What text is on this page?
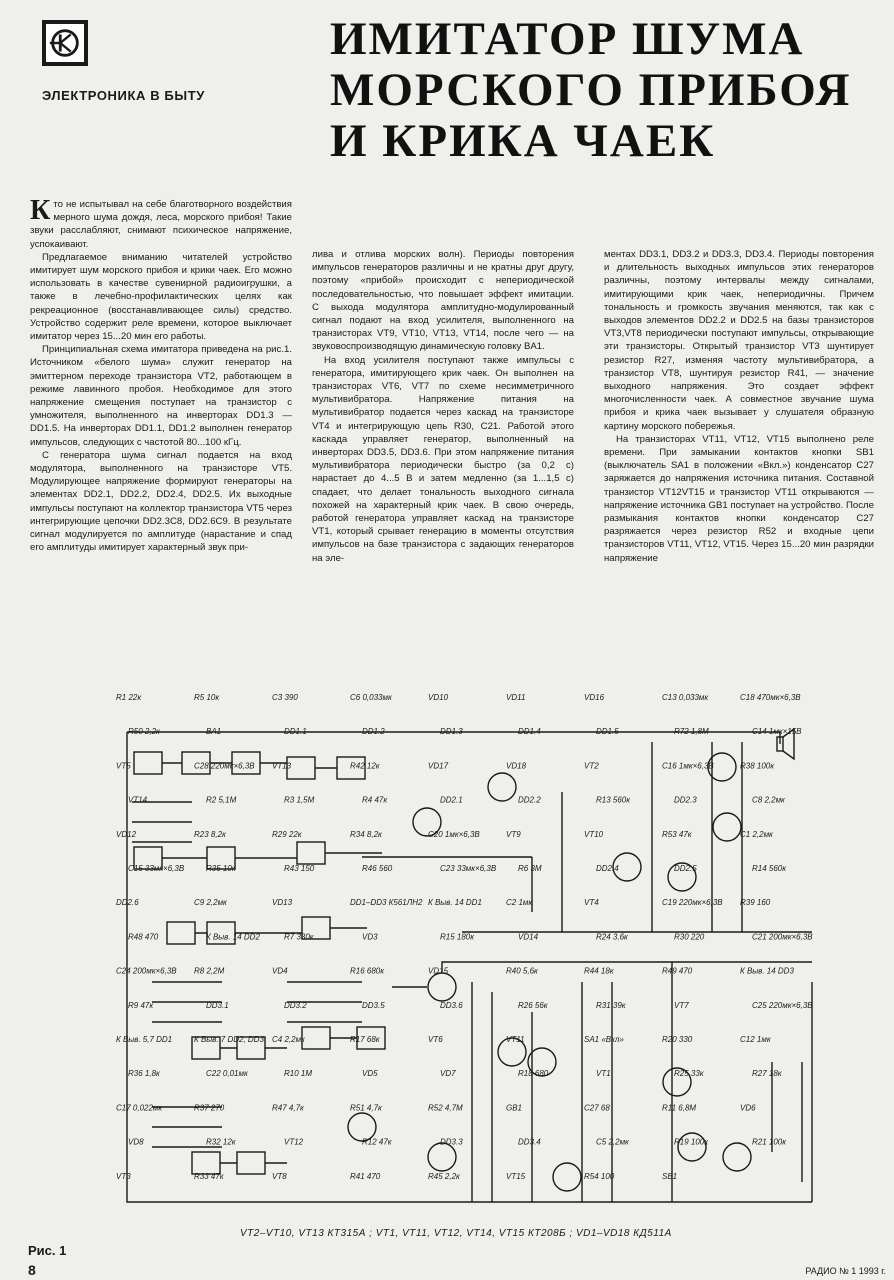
ЭЛЕКТРОНИКА В БЫТУ
ИМИТАТОР ШУМА
МОРСКОГО ПРИБОЯ
И КРИКА ЧАЕК

Кто не испытывал на себе благотворного воздействия мерного шума дождя, леса, морского прибоя! Такие звуки расслабляют, снимают психическое напряжение, успокаивают.

Предлагаемое вниманию читателей устройство имитирует шум морского прибоя и крики чаек. Его можно использовать в качестве сувенирной радиоигрушки, а также в лечебно-профилактических целях как рекреационное (восстанавливающее силы) средство. Устройство содержит реле времени, которое выключает имитатор через 15...20 мин его работы.

Принципиальная схема имитатора приведена на рис.1. Источником «белого шума» служит генератор на эмиттерном переходе транзистора VT2, работающем в режиме лавинного пробоя. Необходимое для этого напряжение смещения поступает на транзистор с умножителя, выполненного на инверторах DD1.3 — DD1.5. На инверторах DD1.1, DD1.2 выполнен генератор импульсов, следующих с частотой 80...100 кГц.

С генератора шума сигнал подается на вход модулятора, выполненного на транзисторе VT5. Модулирующее напряжение формируют генераторы на элементах DD2.1, DD2.2, DD2.4, DD2.5. Их выходные импульсы поступают на коллектор транзистора VT5 через интегрирующие цепочки DD2.3C8, DD2.6C9. В результате сигнал модулируется по амплитуде (нарастание и спад его амплитуды имитирует характерный звук при-

лива и отлива морских волн). Периоды повторения импульсов генераторов различны и не кратны друг другу, поэтому «прибой» происходит с непериодической последовательностью, что повышает эффект имитации. С выхода модулятора амплитудно-модулированный сигнал подают на вход усилителя, выполненного на транзисторах VT9, VT10, VT13, VT14, после чего — на звуковоспроизводящую динамическую головку BA1.

На вход усилителя поступают также импульсы с генератора, имитирующего крик чаек. Он выполнен на транзисторах VT6, VT7 по схеме несимметричного мультивибратора. Напряжение питания на мультивибратор подается через каскад на транзисторе VT4 и интегрирующую цепь R30, C21. Работой этого каскада управляет генератор, выполненный на инверторах DD3.5, DD3.6. При этом напряжение питания мультивибратора периодически быстро (за 0,2 с) нарастает до 4...5 В и затем медленно (за 1...1,5 с) спадает, что делает тональность выходного сигнала похожей на характерный крик чаек. В свою очередь, работой генератора управляет каскад на транзисторе VT1, который срывает генерацию в моменты отсутствия импульсов на базе транзистора с задающих генераторов на эле-

ментах DD3.1, DD3.2 и DD3.3, DD3.4. Периоды повторения и длительность выходных импульсов этих генераторов различны, поэтому интервалы между сигналами, имитирующими крик чаек, непериодичны. Причем тональность и громкость звучания меняются, так как с выходов элементов DD2.2 и DD2.5 на базы транзисторов VT3,VT8 периодически поступают импульсы, открывающие эти транзисторы. Открытый транзистор VT3 шунтирует резистор R27, изменяя частоту мультивибратора, а транзистор VT8, шунтируя резистор R41, — значение выходного напряжения. Это создает эффект многочисленности чаек. А совместное звучание шума прибоя и крика чаек вызывает у слушателя образную картину морского побережья.

На транзисторах VT11, VT12, VT15 выполнено реле времени. При замыкании контактов кнопки SB1 (выключатель SA1 в положении «Вкл.») конденсатор C27 заряжается до напряжения источника питания. Составной транзистор VT12VT15 и транзистор VT11 открываются — напряжение источника GB1 поступает на устройство. После размыкания контактов кнопки конденсатор C27 разряжается через резистор R52 и входные цепи транзисторов VT11, VT12, VT15. Через 15...20 мин разрядки напряжение

R1 22к	R5 10к	C3 390	C6 0,033мк	VD10	VD11	VD16	C13 0,033мк	C18 470мк×6,3В
R50 2,2к	BA1	DD1.1	DD1.2	DD1.3	DD1.4	DD1.5	R72 1,8М	C14 1мк×15В
VT5	C28 220мк×6,3В VT13	R42 12к	VD17	VD18	VT2	C16 1мк×6,3В	R38 100к
VT14	R2 5,1М	R3 1,5М	R4 47к	DD2.1	DD2.2	R13 560к	DD2.3	C8 2,2мк
VD12	R23 8,2к	R29 22к	R34 8,2к	C20 1мк×6,3В	VT9	VT10	R53 47к	C1 2,2мк
C15 33мк×6,3В	R35 10к	R43 150	R46 560	C23 33мк×6,3В	R6 3М	DD2.4	DD2.5	R14 560к
DD2.6	C9 2,2мк	VD13	DD1–DD3 К561ЛН2 К Выв. 14 DD1	C2 1мк	VT4	C19 220мк×6,3В R39 160
R48 470	К Выв. 14 DD2	R7 330к	VD3	R15 180к	VD14	R24 3,6к	R30 220	C21 200мк×6,3В
C24 200мк×6,3В R8 2,2М	VD4	R16 680к	VD15	R40 5,6к	R44 18к	R49 470	К Выв. 14 DD3
R9 47к	DD3.1	DD3.2	DD3.5	DD3.6	R26 56к	R31 39к	VT7	C25 220мк×6,3В
К Выв. 5,7 DD1	К Выв. 7 DD2, DD3 C4 2,2мк	R17 68к	VT6	VT11	SA1 «Вкл»	R20 330	C12 1мк
R36 1,8к	C22 0,01мк	R10 1М	VD5	VD7	R18 680	VT1	R25 33к	R27 18к
C17 0,022мк	R37 270	R47 4,7к	R51 4,7к	R52 4,7М	GB1	C27 68	R11 6,8М	VD6
VD8	R32 12к	VT12	R12 47к	DD3.3	DD3.4	C5 2,2мк	R19 100к	R21 100к
VT3	R33 47к	VT8	R41 470	R45 2,2к	VT15	R54 100	SB1
VT2–VT10, VT13 КТ315А ; VT1, VT11, VT12, VT14, VT15 КТ208Б ; VD1–VD18 КД511А
Рис. 1
8	РАДИО № 1 1993 г.
